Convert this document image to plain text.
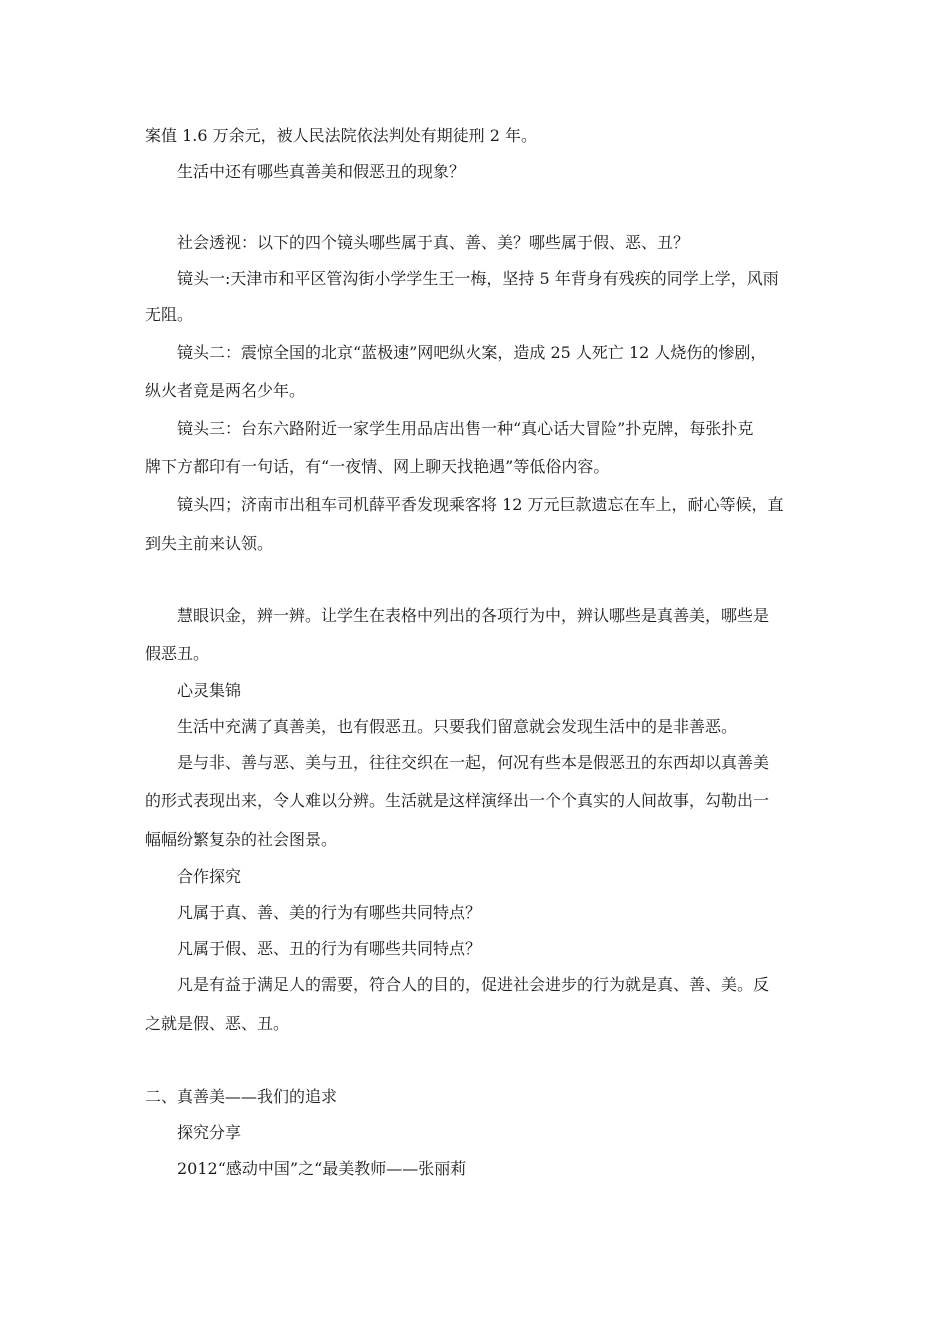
案值 1.6 万余元，被人民法院依法判处有期徒刑 2 年。
生活中还有哪些真善美和假恶丑的现象？
社会透视：以下的四个镜头哪些属于真、善、美？哪些属于假、恶、丑？
镜头一:天津市和平区管沟街小学学生王一梅，坚持 5 年背身有残疾的同学上学，风雨
无阻。
镜头二：震惊全国的北京“蓝极速”网吧纵火案，造成 25 人死亡 12 人烧伤的惨剧，
纵火者竟是两名少年。
镜头三：台东六路附近一家学生用品店出售一种“真心话大冒险”扑克牌，每张扑克
牌下方都印有一句话，有“一夜情、网上聊天找艳遇”等低俗内容。
镜头四；济南市出租车司机薛平香发现乘客将 12 万元巨款遗忘在车上，耐心等候，直
到失主前来认领。
慧眼识金，辨一辨。让学生在表格中列出的各项行为中，辨认哪些是真善美，哪些是
假恶丑。
心灵集锦
生活中充满了真善美，也有假恶丑。只要我们留意就会发现生活中的是非善恶。
是与非、善与恶、美与丑，往往交织在一起，何况有些本是假恶丑的东西却以真善美
的形式表现出来，令人难以分辨。生活就是这样演绎出一个个真实的人间故事，勾勒出一
幅幅纷繁复杂的社会图景。
合作探究
凡属于真、善、美的行为有哪些共同特点？
凡属于假、恶、丑的行为有哪些共同特点？
凡是有益于满足人的需要，符合人的目的，促进社会进步的行为就是真、善、美。反
之就是假、恶、丑。
二、真善美——我们的追求
探究分享
2012“感动中国”之“最美教师——张丽莉
